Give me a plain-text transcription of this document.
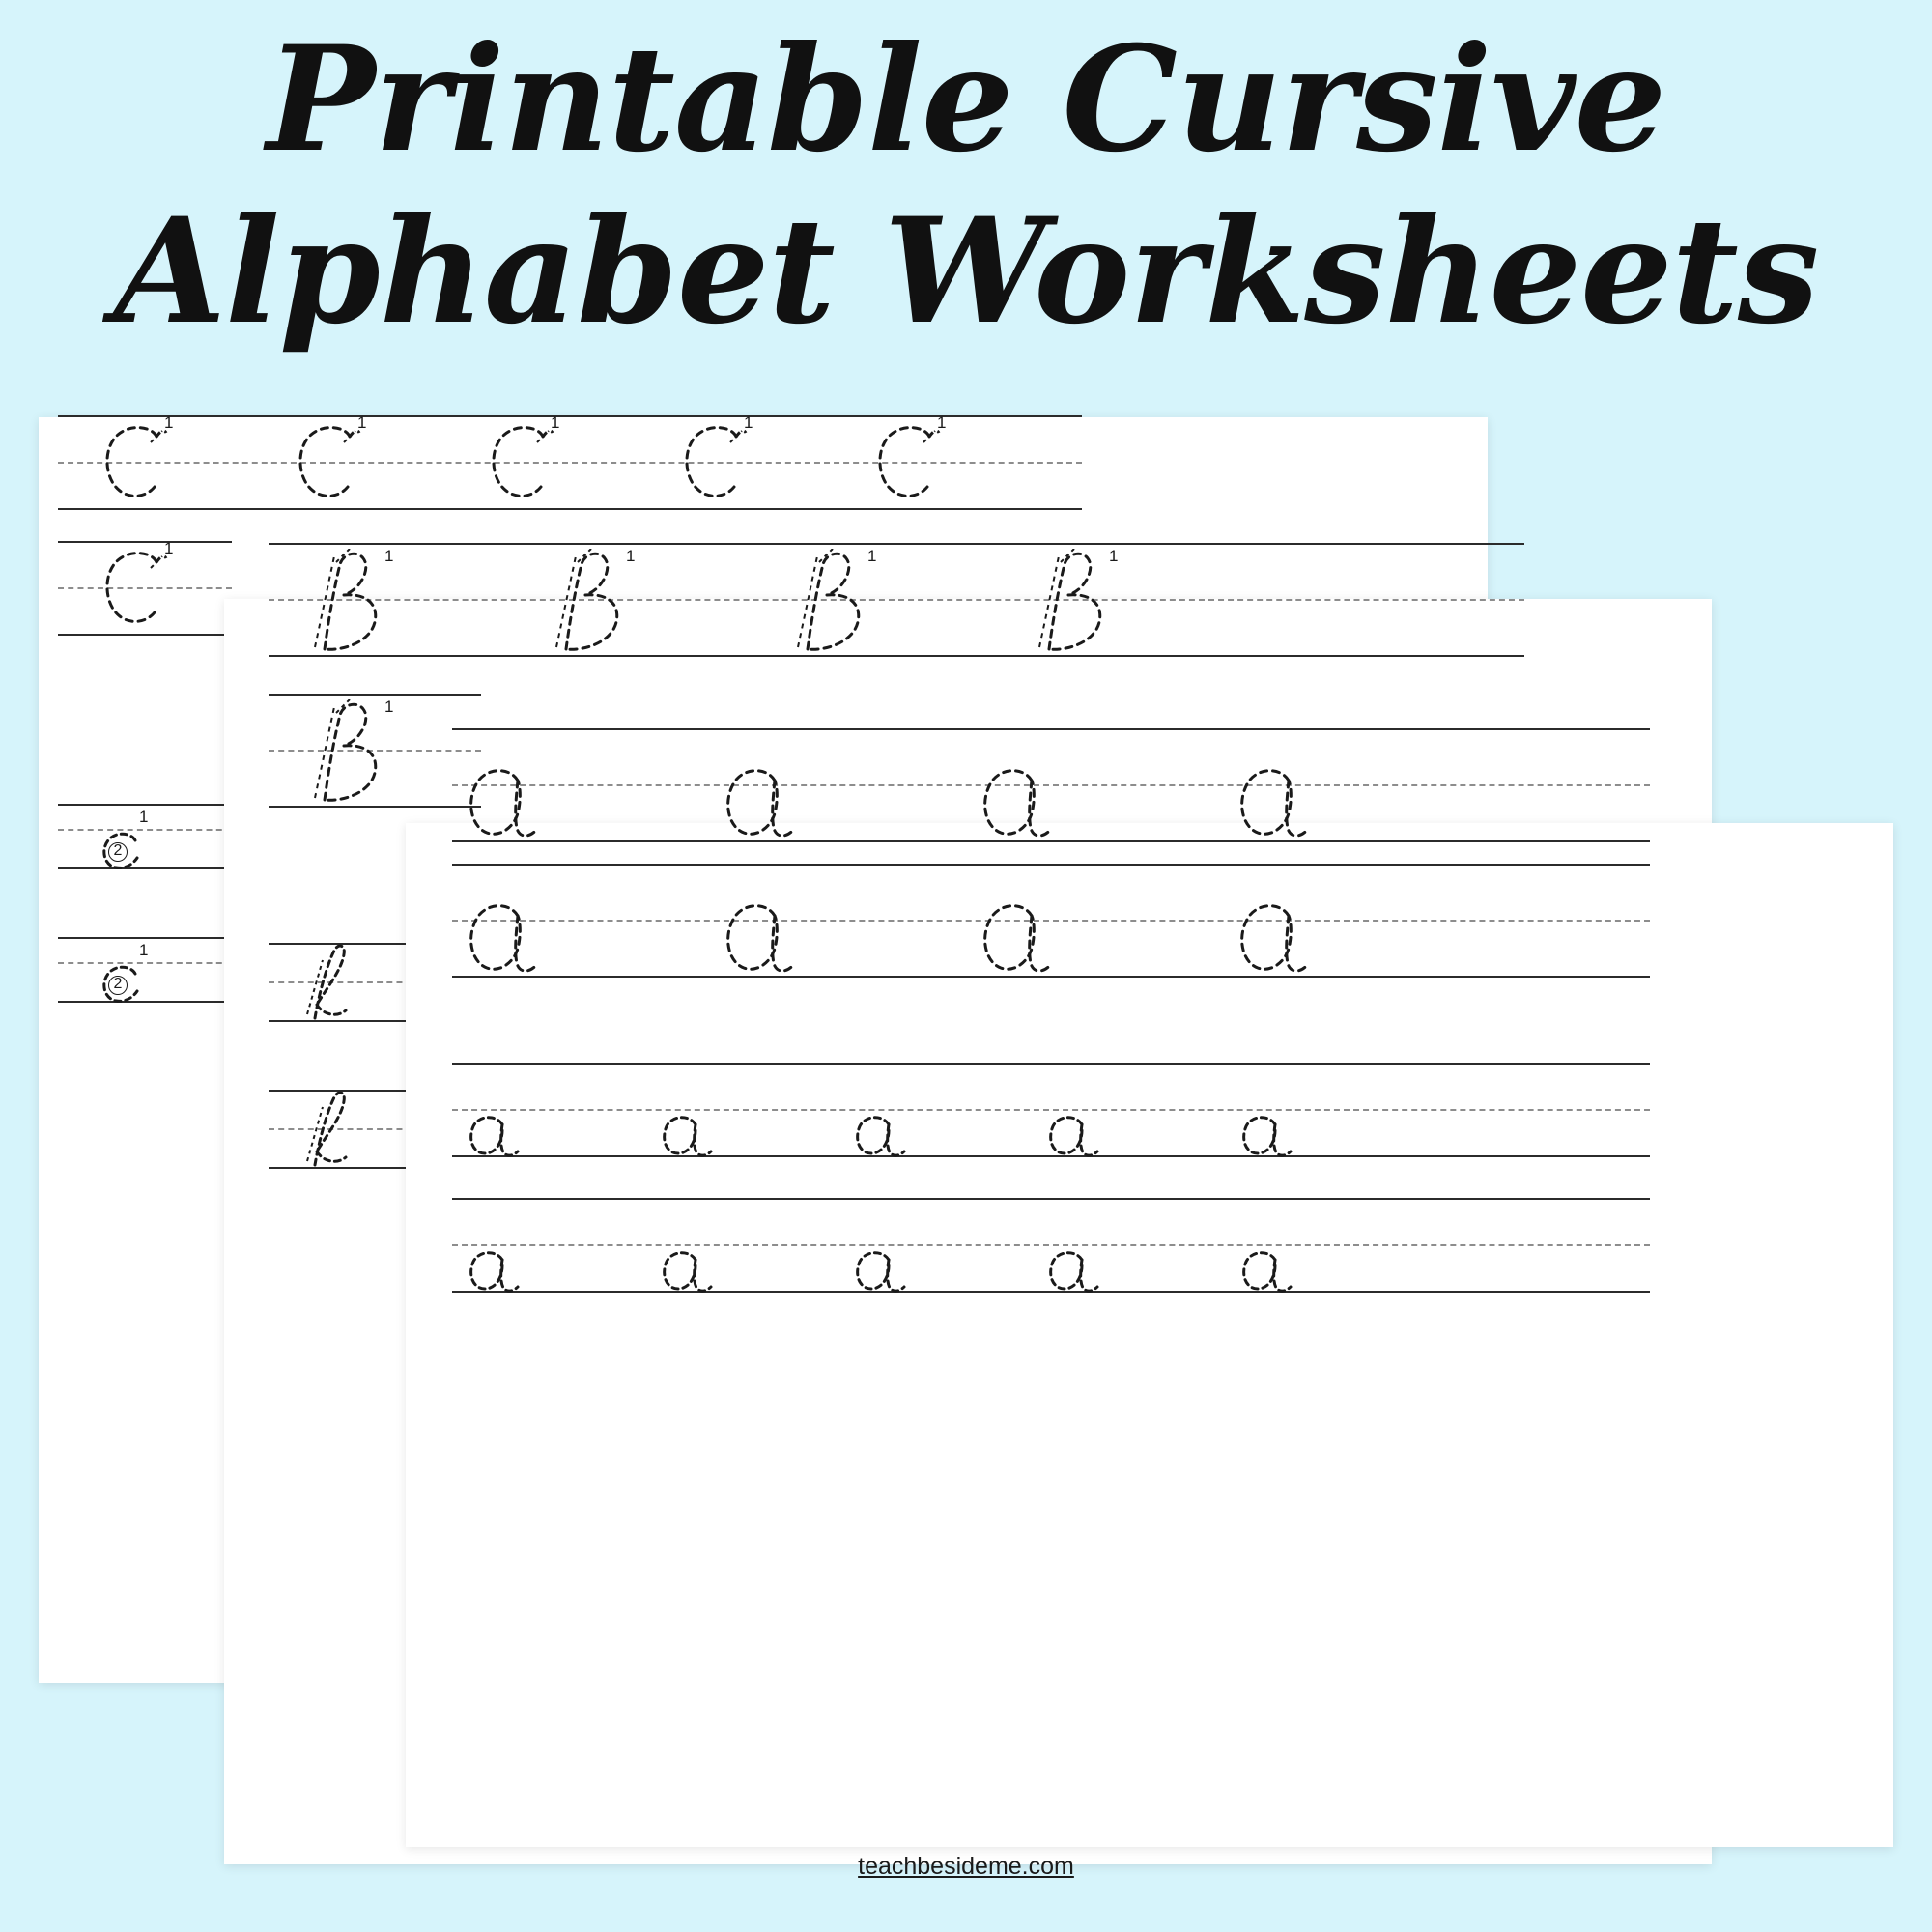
1	1	1	1	1
1
1
2
1
2
1	1	1	1
1
Printable Cursive
Alphabet Worksheets
teachbesideme.com
